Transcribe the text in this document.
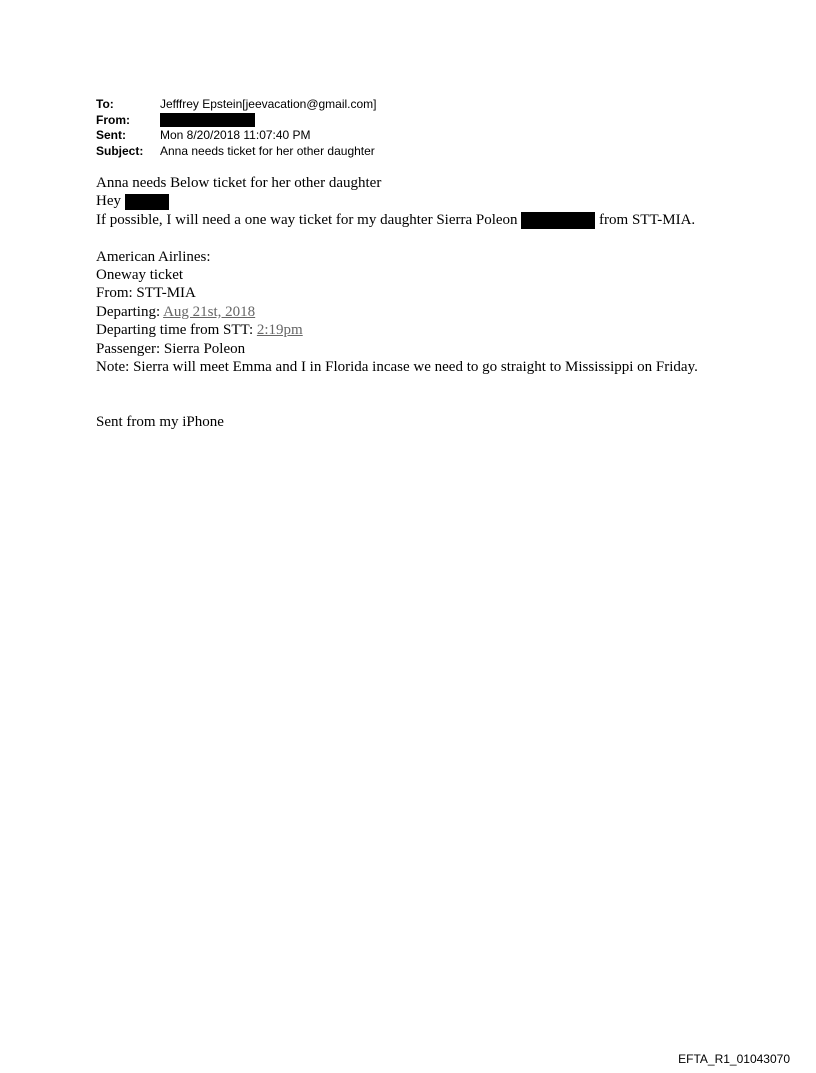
To:	Jefffrey Epstein[jeevacation@gmail.com]
From:
Sent:	Mon 8/20/2018 11:07:40 PM
Subject:	Anna needs ticket for her other daughter

Anna needs Below ticket for her other daughter

Hey

If possible, I will need a one way ticket for my daughter Sierra Poleon	from STT-MIA.

American Airlines:

Oneway ticket

From: STT-MIA

Departing: Aug 21st, 2018

Departing time from STT: 2:19pm

Passenger: Sierra Poleon

Note: Sierra will meet Emma and I in Florida incase we need to go straight to Mississippi on Friday.

Sent from my iPhone

EFTA_R1_01043070
